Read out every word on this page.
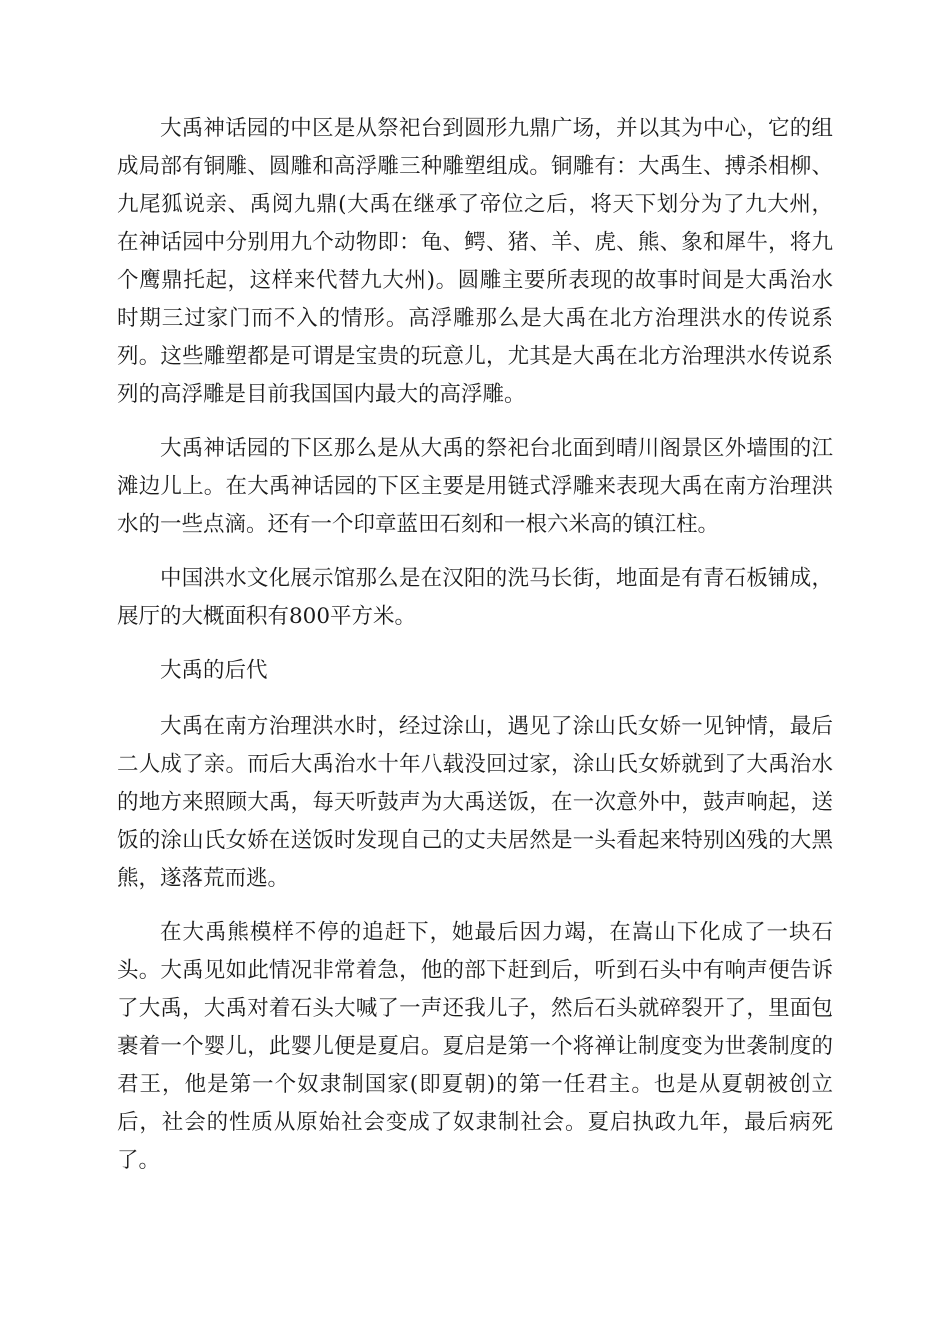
大禹神话园的中区是从祭祀台到圆形九鼎广场，并以其为中心，它的组成局部有铜雕、圆雕和高浮雕三种雕塑组成。铜雕有：大禹生、搏杀相柳、九尾狐说亲、禹阅九鼎(大禹在继承了帝位之后，将天下划分为了九大州，在神话园中分别用九个动物即：龟、鳄、猪、羊、虎、熊、象和犀牛，将九个鹰鼎托起，这样来代替九大州)。圆雕主要所表现的故事时间是大禹治水时期三过家门而不入的情形。高浮雕那么是大禹在北方治理洪水的传说系列。这些雕塑都是可谓是宝贵的玩意儿，尤其是大禹在北方治理洪水传说系列的高浮雕是目前我国国内最大的高浮雕。

大禹神话园的下区那么是从大禹的祭祀台北面到晴川阁景区外墙围的江滩边儿上。在大禹神话园的下区主要是用链式浮雕来表现大禹在南方治理洪水的一些点滴。还有一个印章蓝田石刻和一根六米高的镇江柱。

中国洪水文化展示馆那么是在汉阳的洗马长街，地面是有青石板铺成，展厅的大概面积有800平方米。

大禹的后代

大禹在南方治理洪水时，经过涂山，遇见了涂山氏女娇一见钟情，最后二人成了亲。而后大禹治水十年八载没回过家，涂山氏女娇就到了大禹治水的地方来照顾大禹，每天听鼓声为大禹送饭，在一次意外中，鼓声响起，送饭的涂山氏女娇在送饭时发现自己的丈夫居然是一头看起来特别凶残的大黑熊，遂落荒而逃。

在大禹熊模样不停的追赶下，她最后因力竭，在嵩山下化成了一块石头。大禹见如此情况非常着急，他的部下赶到后，听到石头中有响声便告诉了大禹，大禹对着石头大喊了一声还我儿子，然后石头就碎裂开了，里面包裹着一个婴儿，此婴儿便是夏启。夏启是第一个将禅让制度变为世袭制度的君王，他是第一个奴隶制国家(即夏朝)的第一任君主。也是从夏朝被创立后，社会的性质从原始社会变成了奴隶制社会。夏启执政九年，最后病死了。
